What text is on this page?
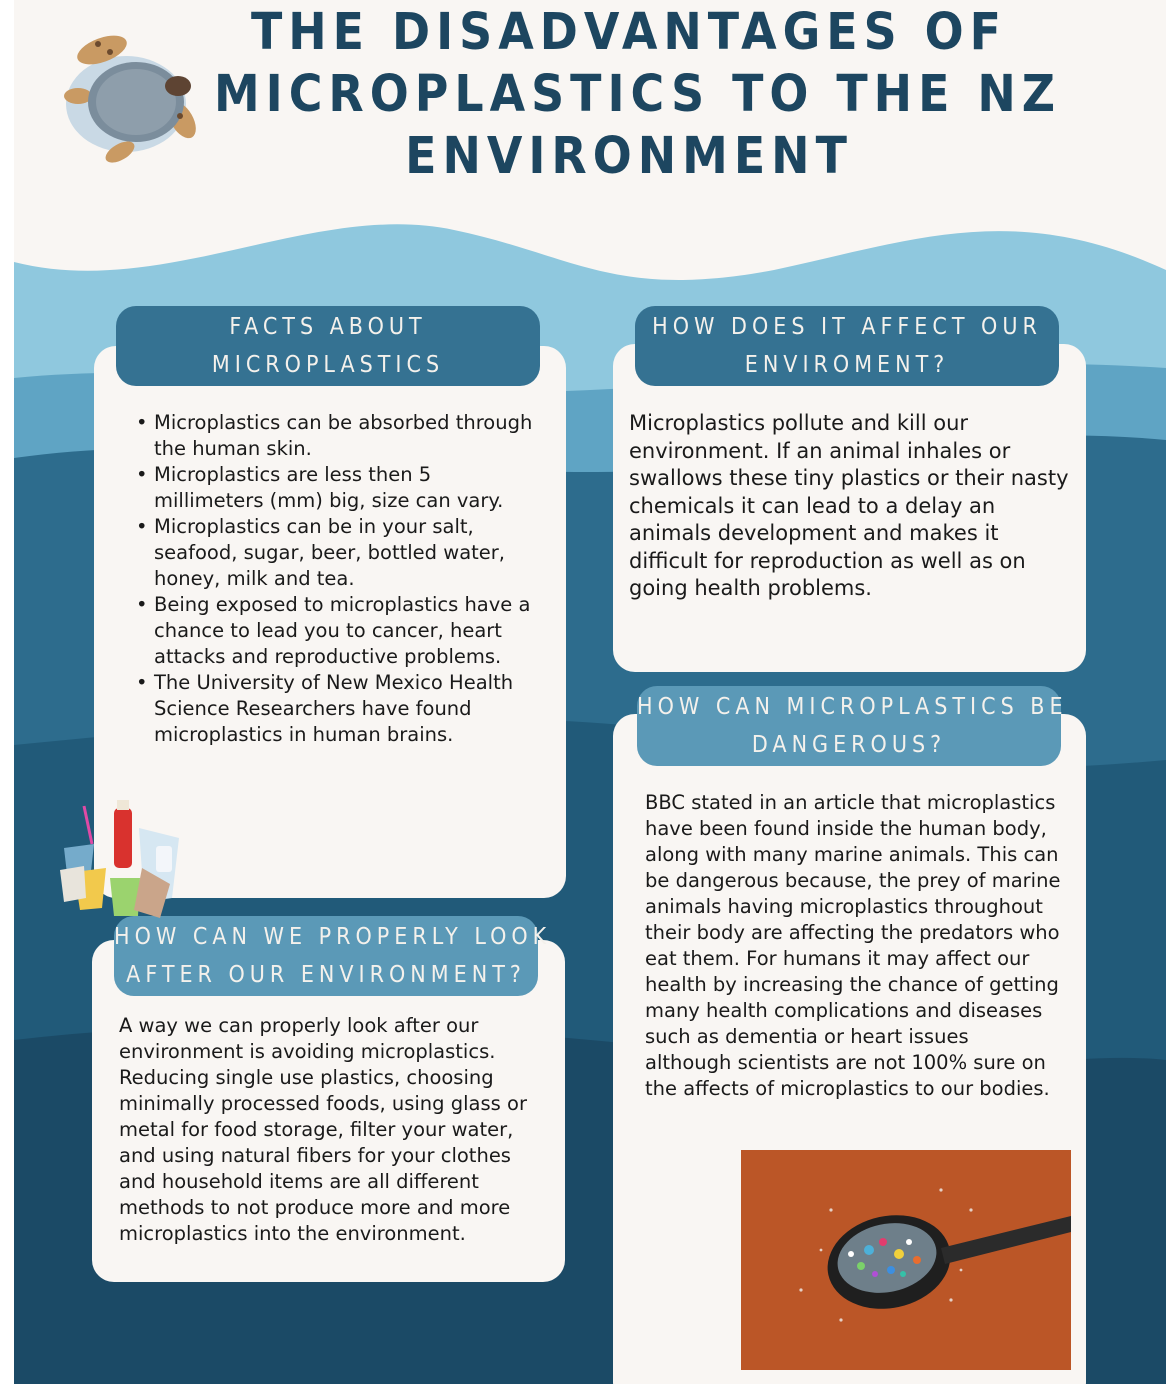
THE DISADVANTAGES OF
MICROPLASTICS TO THE NZ
ENVIRONMENT
FACTS ABOUT
MICROPLASTICS
• Microplastics can be absorbed through the human skin.
• Microplastics are less then 5 millimeters (mm) big, size can vary.
• Microplastics can be in your salt, seafood, sugar, beer, bottled water, honey, milk and tea.
• Being exposed to microplastics have a chance to lead you to cancer, heart attacks and reproductive problems.
• The University of New Mexico Health Science Researchers have found microplastics in human brains.
HOW DOES IT AFFECT OUR
ENVIROMENT?
Microplastics pollute and kill our environment. If an animal inhales or swallows these tiny plastics or their nasty chemicals it can lead to a delay an animals development and makes it difficult for reproduction as well as on going health problems.
HOW CAN MICROPLASTICS BE
DANGEROUS?
BBC stated in an article that microplastics have been found inside the human body, along with many marine animals. This can be dangerous because, the prey of marine animals having microplastics throughout their body are affecting the predators who eat them. For humans it may affect our health by increasing the chance of getting many health complications and diseases such as dementia or heart issues although scientists are not 100% sure on the affects of microplastics to our bodies.
HOW CAN WE PROPERLY LOOK
AFTER OUR ENVIRONMENT?
A way we can properly look after our environment is avoiding microplastics. Reducing single use plastics, choosing minimally processed foods, using glass or metal for food storage, filter your water, and using natural fibers for your clothes and household items are all different methods to not produce more and more microplastics into the environment.
